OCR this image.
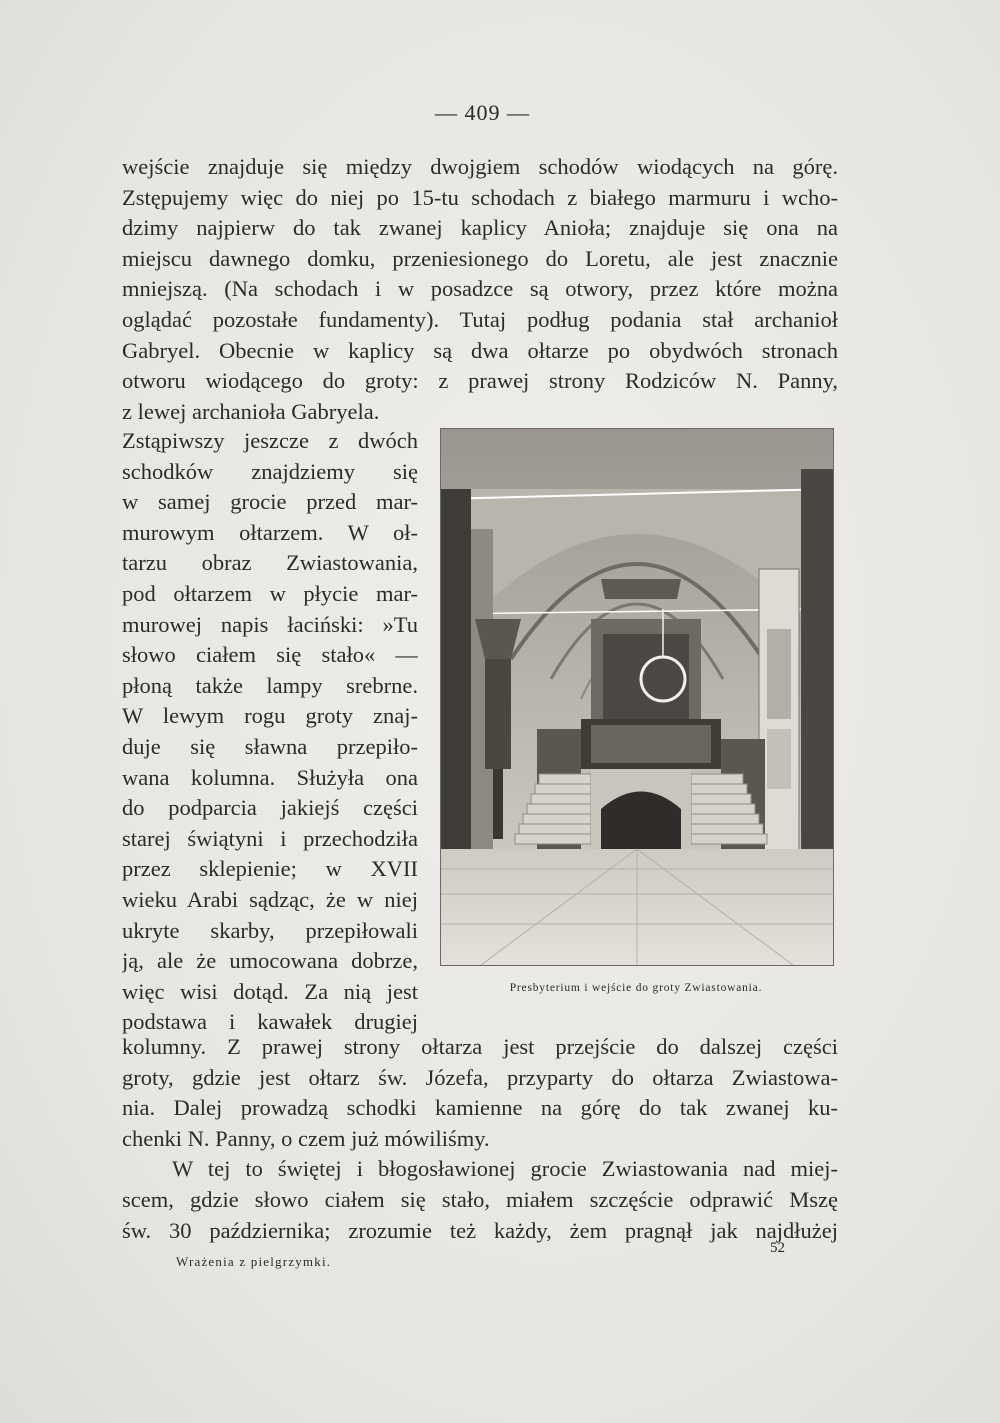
— 409 —
wejście znajduje się między dwojgiem schodów wiodących na górę.
Zstępujemy więc do niej po 15-tu schodach z białego marmuru i wcho-
dzimy najpierw do tak zwanej kaplicy Anioła; znajduje się ona na
miejscu dawnego domku, przeniesionego do Loretu, ale jest znacznie
mniejszą. (Na schodach i w posadzce są otwory, przez które można
oglądać pozostałe fundamenty). Tutaj podług podania stał archanioł
Gabryel. Obecnie w kaplicy są dwa ołtarze po obydwóch stronach
otworu wiodącego do groty: z prawej strony Rodziców N. Panny,
z lewej archanioła Gabryela.
Zstąpiwszy jeszcze z dwóch
schodków znajdziemy się
w samej grocie przed mar-
murowym ołtarzem. W oł-
tarzu obraz Zwiastowania,
pod ołtarzem w płycie mar-
murowej napis łaciński: »Tu
słowo ciałem się stało« —
płoną także lampy srebrne.
W lewym rogu groty znaj-
duje się sławna przepiło-
wana kolumna. Służyła ona
do podparcia jakiejś części
starej świątyni i przechodziła
przez sklepienie; w XVII
wieku Arabi sądząc, że w niej
ukryte skarby, przepiłowali
ją, ale że umocowana dobrze,
więc wisi dotąd. Za nią jest
podstawa i kawałek drugiej
Presbyterium i wejście do groty Zwiastowania.
kolumny. Z prawej strony ołtarza jest przejście do dalszej części
groty, gdzie jest ołtarz św. Józefa, przyparty do ołtarza Zwiastowa-
nia. Dalej prowadzą schodki kamienne na górę do tak zwanej ku-
chenki N. Panny, o czem już mówiliśmy.
W tej to świętej i błogosławionej grocie Zwiastowania nad miej-
scem, gdzie słowo ciałem się stało, miałem szczęście odprawić Mszę
św. 30 października; zrozumie też każdy, żem pragnął jak najdłużej
Wrażenia z pielgrzymki.
52
